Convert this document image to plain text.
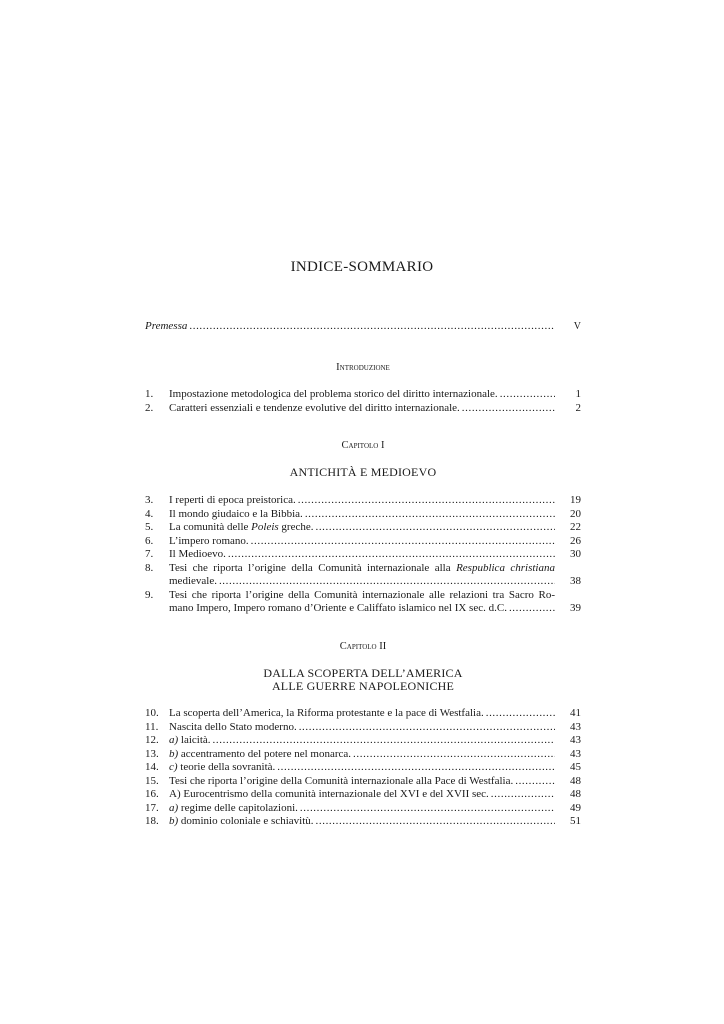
INDICE-SOMMARIO
Premessa .....	V
Introduzione
1. Impostazione metodologica del problema storico del diritto internazionale. .....	1
2. Caratteri essenziali e tendenze evolutive del diritto internazionale. .....	2
Capitolo I
ANTICHITÀ E MEDIOEVO
3. I reperti di epoca preistorica. .....	19
4. Il mondo giudaico e la Bibbia. .....	20
5. La comunità delle Poleis greche. .....	22
6. L’impero romano. .....	26
7. Il Medioevo. .....	30
8. Tesi che riporta l’origine della Comunità internazionale alla Respublica christiana
medievale. .....	38
9. Tesi che riporta l’origine della Comunità internazionale alle relazioni tra Sacro Ro-
mano Impero, Impero romano d’Oriente e Califfato islamico nel IX sec. d.C. .....	39
Capitolo II
DALLA SCOPERTA DELL’AMERICA
ALLE GUERRE NAPOLEONICHE
10. La scoperta dell’America, la Riforma protestante e la pace di Westfalia. .....	41
11. Nascita dello Stato moderno. .....	43
12. a) laicità. .....	43
13. b) accentramento del potere nel monarca. .....	43
14. c) teorie della sovranità. .....	45
15. Tesi che riporta l’origine della Comunità internazionale alla Pace di Westfalia. .....	48
16. A) Eurocentrismo della comunità internazionale del XVI e del XVII sec. .....	48
17. a) regime delle capitolazioni. .....	49
18. b) dominio coloniale e schiavitù. .....	51
